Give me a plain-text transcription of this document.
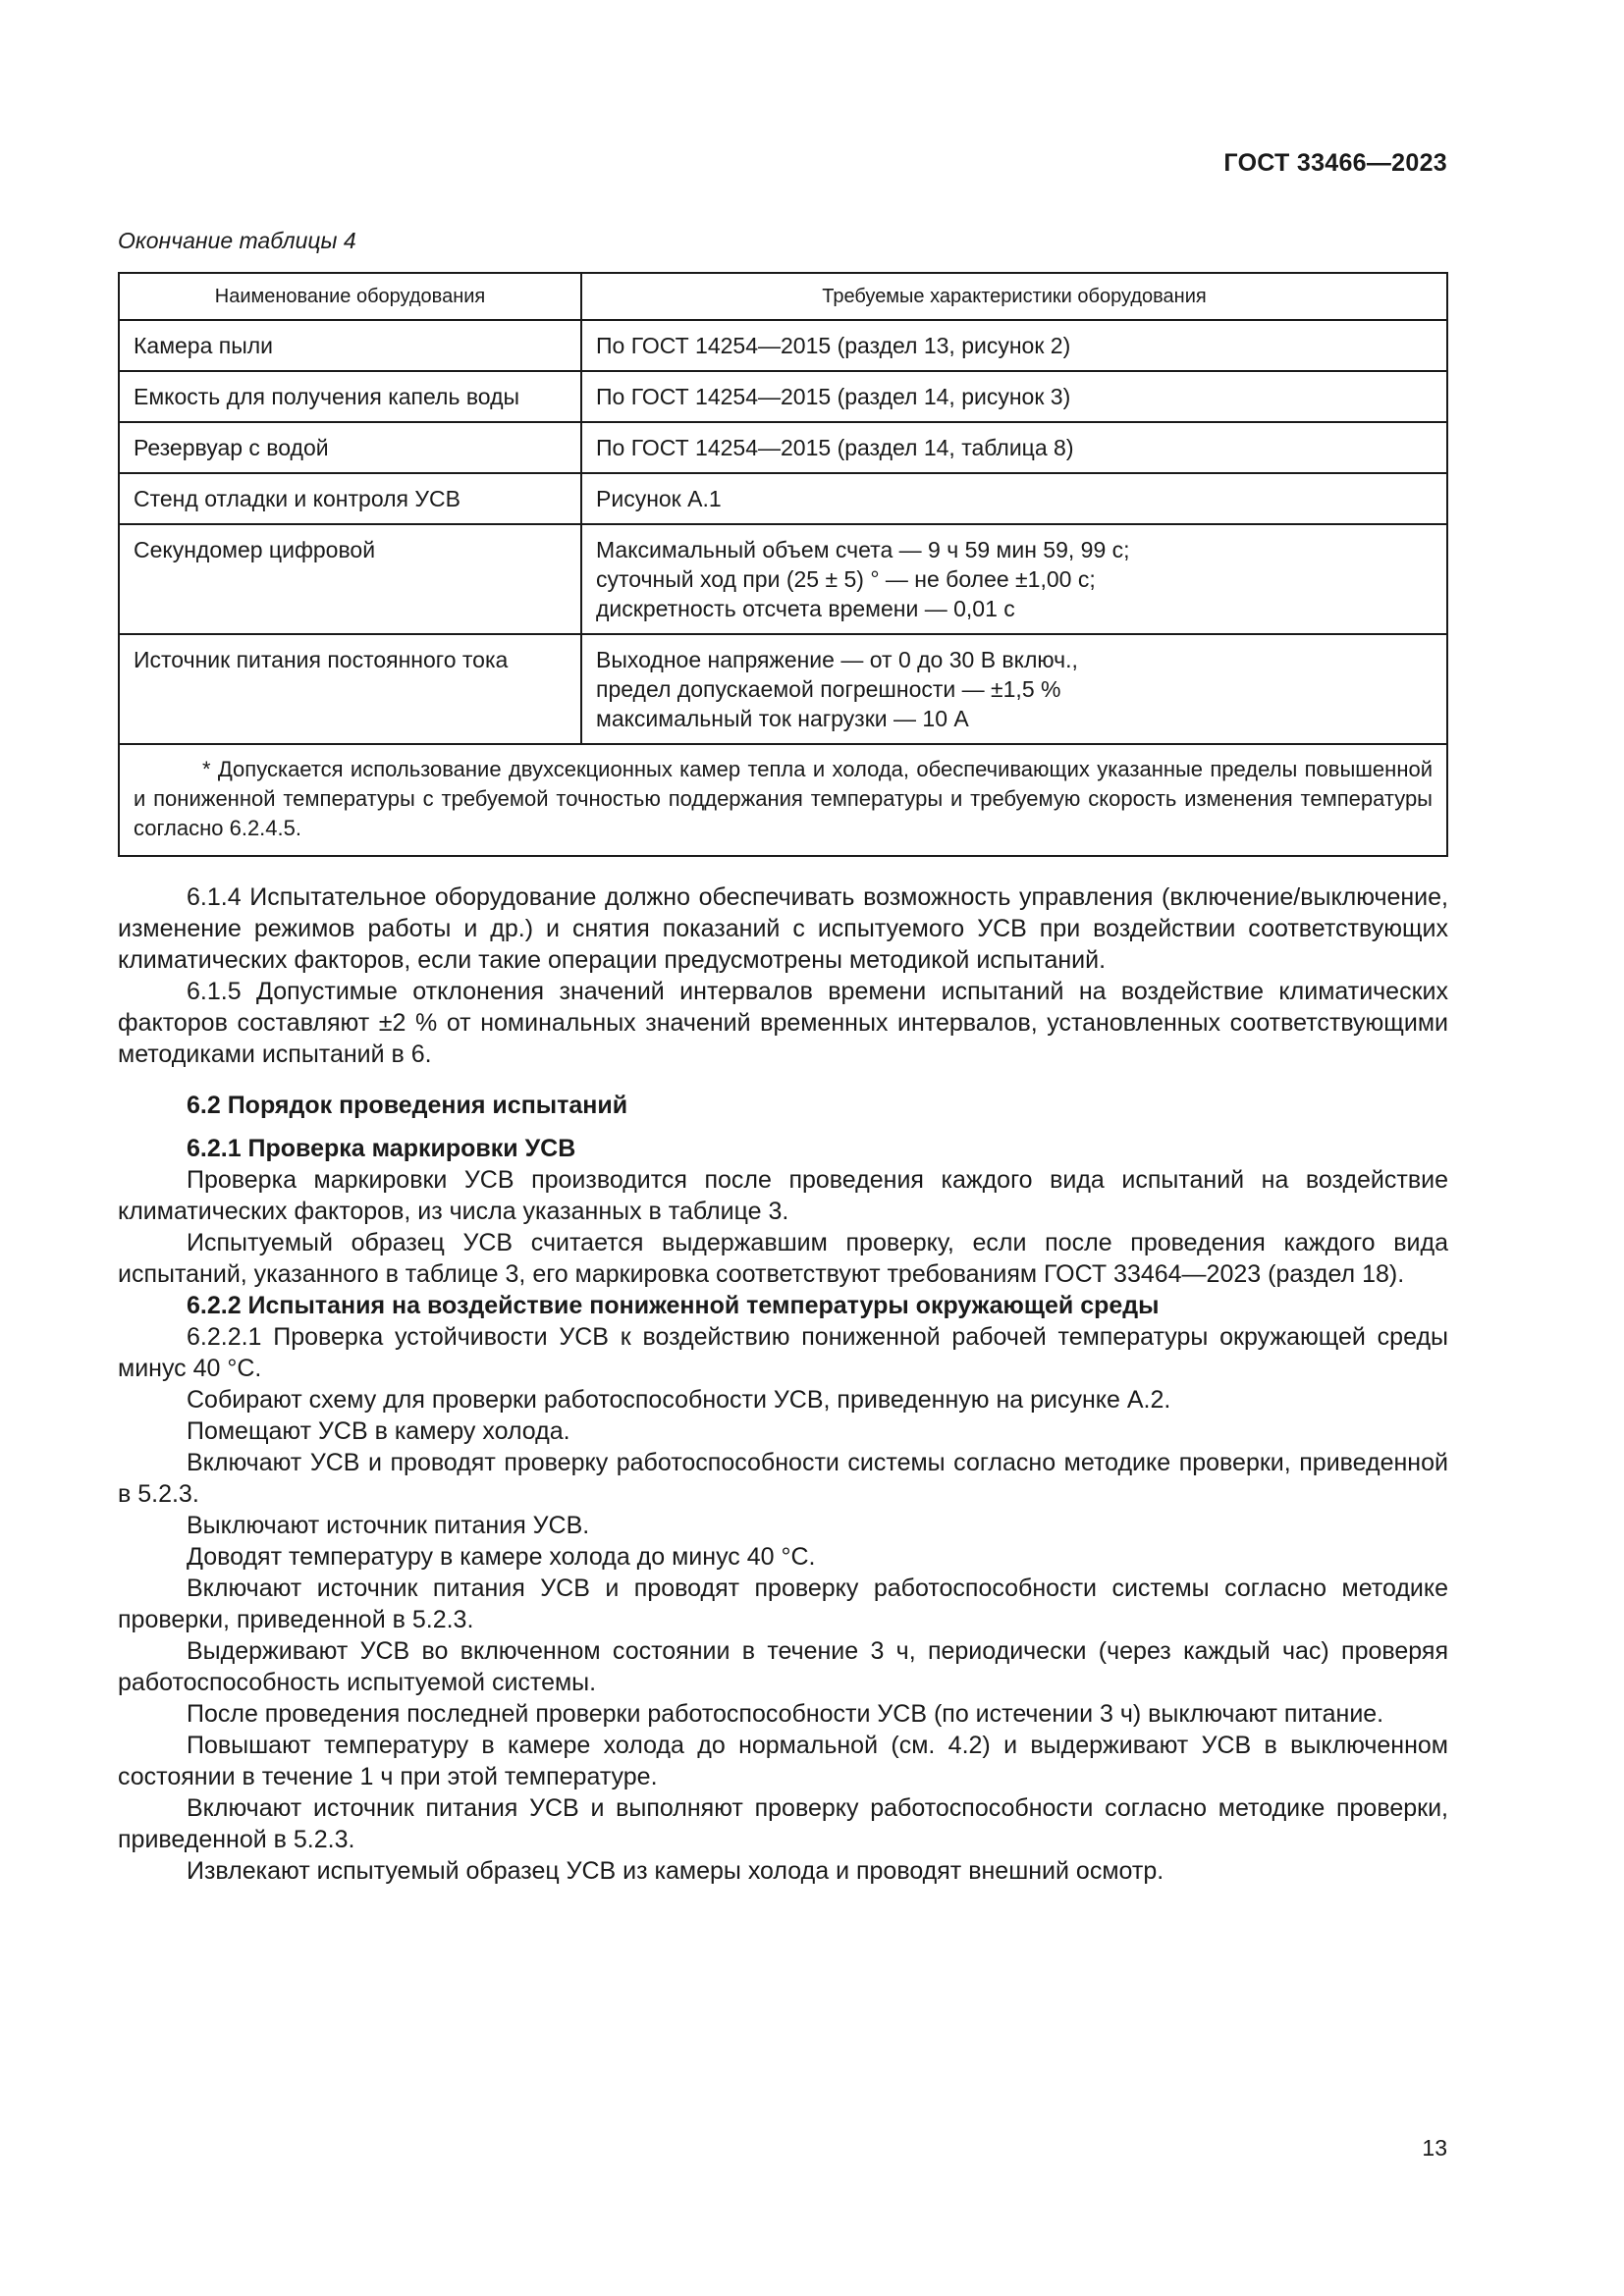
ГОСТ 33466—2023
Окончание таблицы 4
Наименование оборудования	Требуемые характеристики оборудования
Камера пыли	По ГОСТ 14254—2015 (раздел 13, рисунок 2)

Емкость для получения капель воды	По ГОСТ 14254—2015 (раздел 14, рисунок 3)

Резервуар с водой	По ГОСТ 14254—2015 (раздел 14, таблица 8)

Стенд отладки и контроля УСВ	Рисунок А.1

Секундомер цифровой	Максимальный объем счета — 9 ч 59 мин 59, 99 с;
суточный ход при (25 ± 5) ° — не более ±1,00 с;
дискретность отсчета времени — 0,01 с

Источник питания постоянного тока	Выходное напряжение — от 0 до 30 В включ.,
предел допускаемой погрешности — ±1,5 %
максимальный ток нагрузки — 10 А

* Допускается использование двухсекционных камер тепла и холода, обеспечивающих указанные пределы повышенной и пониженной температуры с требуемой точностью поддержания температуры и требуемую скорость изменения температуры согласно 6.2.4.5.	

6.1.4 Испытательное оборудование должно обеспечивать возможность управления (включение/выключение, изменение режимов работы и др.) и снятия показаний с испытуемого УСВ при воздействии соответствующих климатических факторов, если такие операции предусмотрены методикой испытаний.

6.1.5 Допустимые отклонения значений интервалов времени испытаний на воздействие климатических факторов составляют ±2 % от номинальных значений временных интервалов, установленных соответствующими методиками испытаний в 6.

6.2 Порядок проведения испытаний

6.2.1 Проверка маркировки УСВ

Проверка маркировки УСВ производится после проведения каждого вида испытаний на воздействие климатических факторов, из числа указанных в таблице 3.

Испытуемый образец УСВ считается выдержавшим проверку, если после проведения каждого вида испытаний, указанного в таблице 3, его маркировка соответствуют требованиям ГОСТ 33464—2023 (раздел 18).

6.2.2 Испытания на воздействие пониженной температуры окружающей среды

6.2.2.1 Проверка устойчивости УСВ к воздействию пониженной рабочей температуры окружающей среды минус 40 °С.

Собирают схему для проверки работоспособности УСВ, приведенную на рисунке А.2.

Помещают УСВ в камеру холода.

Включают УСВ и проводят проверку работоспособности системы согласно методике проверки, приведенной в 5.2.3.

Выключают источник питания УСВ.

Доводят температуру в камере холода до минус 40 °С.

Включают источник питания УСВ и проводят проверку работоспособности системы согласно методике проверки, приведенной в 5.2.3.

Выдерживают УСВ во включенном состоянии в течение 3 ч, периодически (через каждый час) проверяя работоспособность испытуемой системы.

После проведения последней проверки работоспособности УСВ (по истечении 3 ч) выключают питание.

Повышают температуру в камере холода до нормальной (см. 4.2) и выдерживают УСВ в выключенном состоянии в течение 1 ч при этой температуре.

Включают источник питания УСВ и выполняют проверку работоспособности согласно методике проверки, приведенной в 5.2.3.

Извлекают испытуемый образец УСВ из камеры холода и проводят внешний осмотр.

13
